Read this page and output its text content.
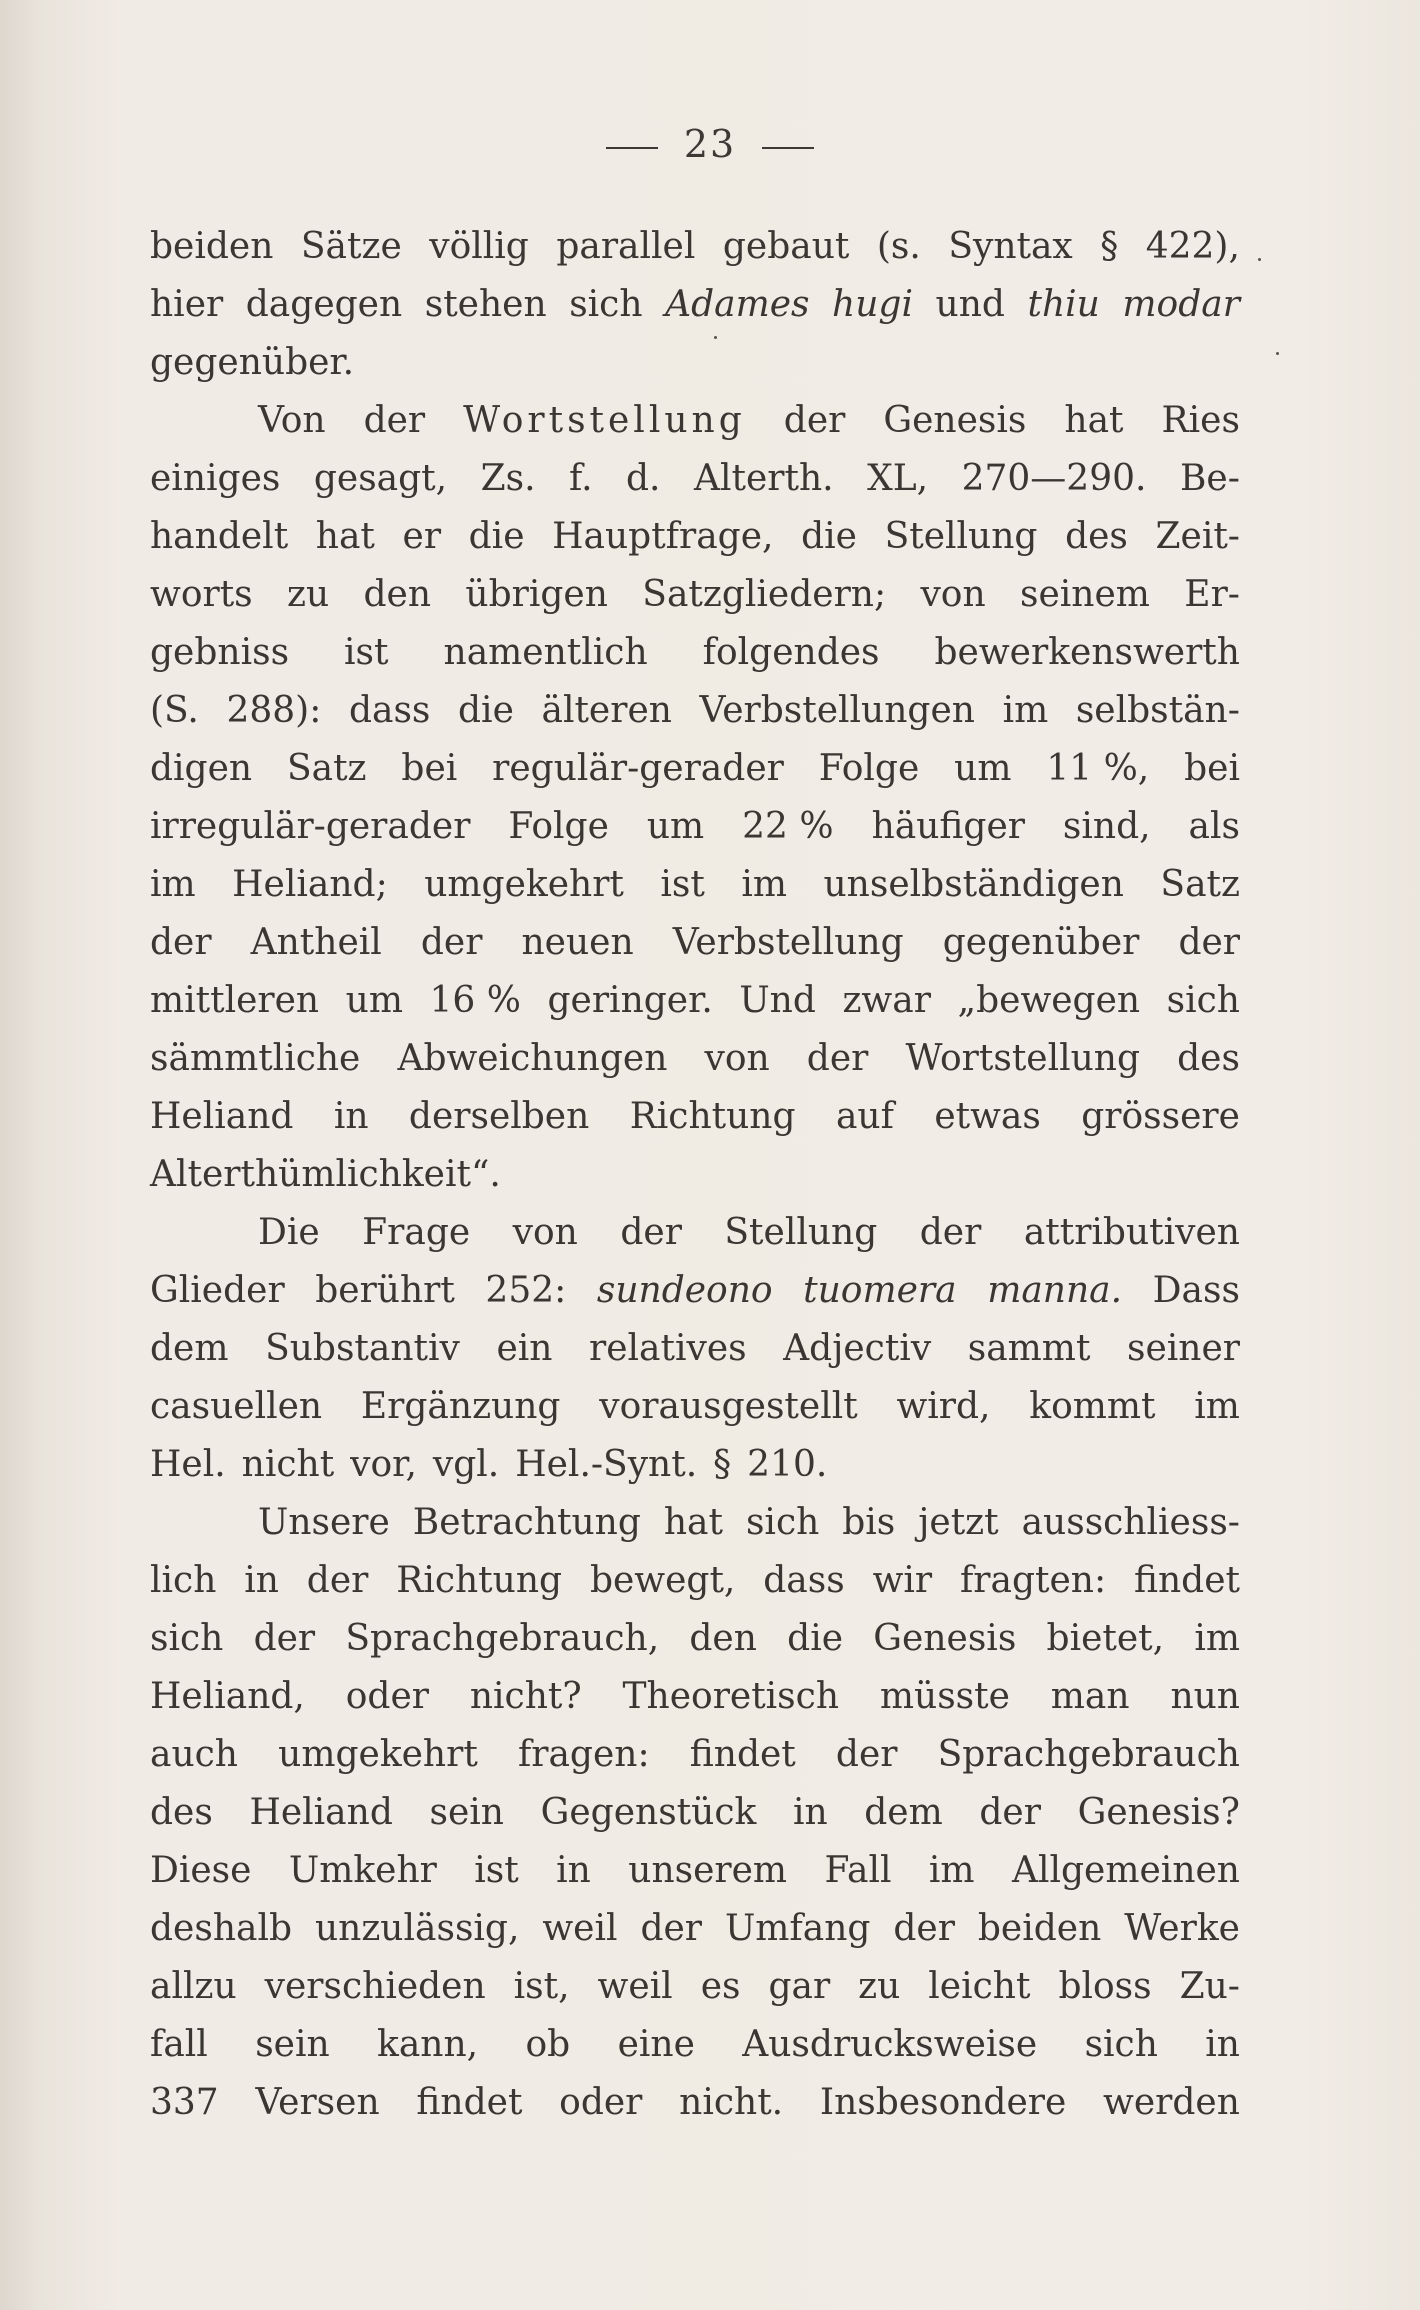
23
beiden Sätze völlig parallel gebaut (s. Syntax § 422),
hier dagegen stehen sich Adames hugi und thiu modar
gegenüber.
Von der Wortstellung der Genesis hat Ries
einiges gesagt, Zs. f. d. Alterth. XL, 270—290. Be-
handelt hat er die Hauptfrage, die Stellung des Zeit-
worts zu den übrigen Satzgliedern; von seinem Er-
gebniss ist namentlich folgendes bewerkenswerth
(S. 288): dass die älteren Verbstellungen im selbstän-
digen Satz bei regulär-gerader Folge um 11 %, bei
irregulär-gerader Folge um 22 % häufiger sind, als
im Heliand; umgekehrt ist im unselbständigen Satz
der Antheil der neuen Verbstellung gegenüber der
mittleren um 16 % geringer. Und zwar „bewegen sich
sämmtliche Abweichungen von der Wortstellung des
Heliand in derselben Richtung auf etwas grössere
Alterthümlichkeit“.
Die Frage von der Stellung der attributiven
Glieder berührt 252: sundeono tuomera manna. Dass
dem Substantiv ein relatives Adjectiv sammt seiner
casuellen Ergänzung vorausgestellt wird, kommt im
Hel. nicht vor, vgl. Hel.-Synt. § 210.
Unsere Betrachtung hat sich bis jetzt ausschliess-
lich in der Richtung bewegt, dass wir fragten: findet
sich der Sprachgebrauch, den die Genesis bietet, im
Heliand, oder nicht? Theoretisch müsste man nun
auch umgekehrt fragen: findet der Sprachgebrauch
des Heliand sein Gegenstück in dem der Genesis?
Diese Umkehr ist in unserem Fall im Allgemeinen
deshalb unzulässig, weil der Umfang der beiden Werke
allzu verschieden ist, weil es gar zu leicht bloss Zu-
fall sein kann, ob eine Ausdrucksweise sich in
337 Versen findet oder nicht. Insbesondere werden
